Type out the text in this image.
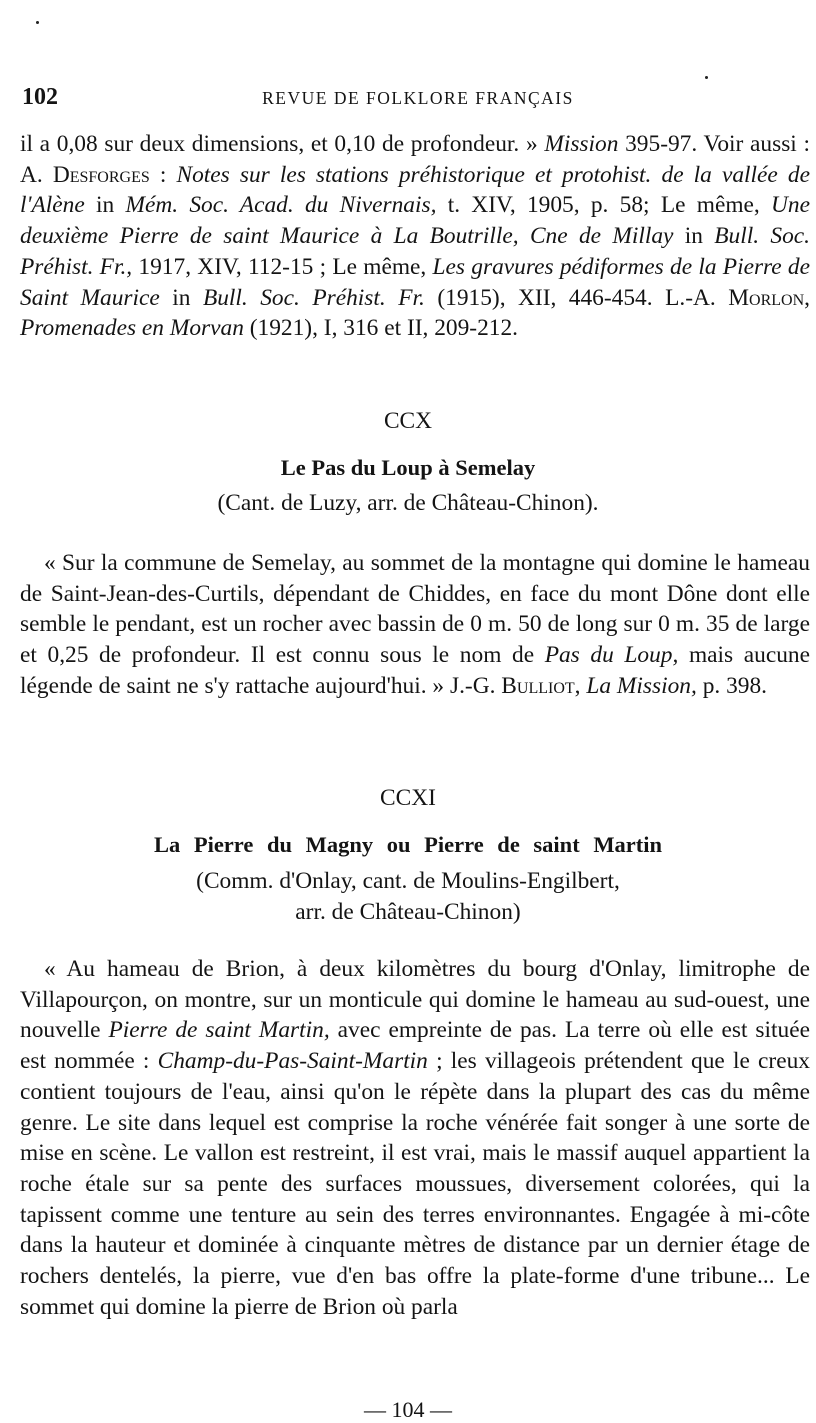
102	REVUE DE FOLKLORE FRANÇAIS

il a 0,08 sur deux dimensions, et 0,10 de profondeur. » Mission 395-97. Voir aussi : A. Desforges : Notes sur les stations préhistorique et protohist. de la vallée de l'Alène in Mém. Soc. Acad. du Nivernais, t. XIV, 1905, p. 58; Le même, Une deuxième Pierre de saint Maurice à La Boutrille, Cne de Millay in Bull. Soc. Préhist. Fr., 1917, XIV, 112-15 ; Le même, Les gravures pédiformes de la Pierre de Saint Maurice in Bull. Soc. Préhist. Fr. (1915), XII, 446-454. L.-A. Morlon, Promenades en Morvan (1921), I, 316 et II, 209-212.

CCX
Le Pas du Loup à Semelay
(Cant. de Luzy, arr. de Château-Chinon).

« Sur la commune de Semelay, au sommet de la montagne qui domine le hameau de Saint-Jean-des-Curtils, dépendant de Chiddes, en face du mont Dône dont elle semble le pendant, est un rocher avec bassin de 0 m. 50 de long sur 0 m. 35 de large et 0,25 de profondeur. Il est connu sous le nom de Pas du Loup, mais aucune légende de saint ne s'y rattache aujourd'hui. » J.-G. Bulliot, La Mission, p. 398.

CCXI
La Pierre du Magny ou Pierre de saint Martin
(Comm. d'Onlay, cant. de Moulins-Engilbert,
arr. de Château-Chinon)

« Au hameau de Brion, à deux kilomètres du bourg d'Onlay, limitrophe de Villapourçon, on montre, sur un monticule qui domine le hameau au sud-ouest, une nouvelle Pierre de saint Martin, avec empreinte de pas. La terre où elle est située est nommée : Champ-du-Pas-Saint-Martin ; les villageois prétendent que le creux contient toujours de l'eau, ainsi qu'on le répète dans la plupart des cas du même genre. Le site dans lequel est comprise la roche vénérée fait songer à une sorte de mise en scène. Le vallon est restreint, il est vrai, mais le massif auquel appartient la roche étale sur sa pente des surfaces moussues, diversement colorées, qui la tapissent comme une tenture au sein des terres environnantes. Engagée à mi-côte dans la hauteur et dominée à cinquante mètres de distance par un dernier étage de rochers dentelés, la pierre, vue d'en bas offre la plate-forme d'une tribune... Le sommet qui domine la pierre de Brion où parla

— 104 —
